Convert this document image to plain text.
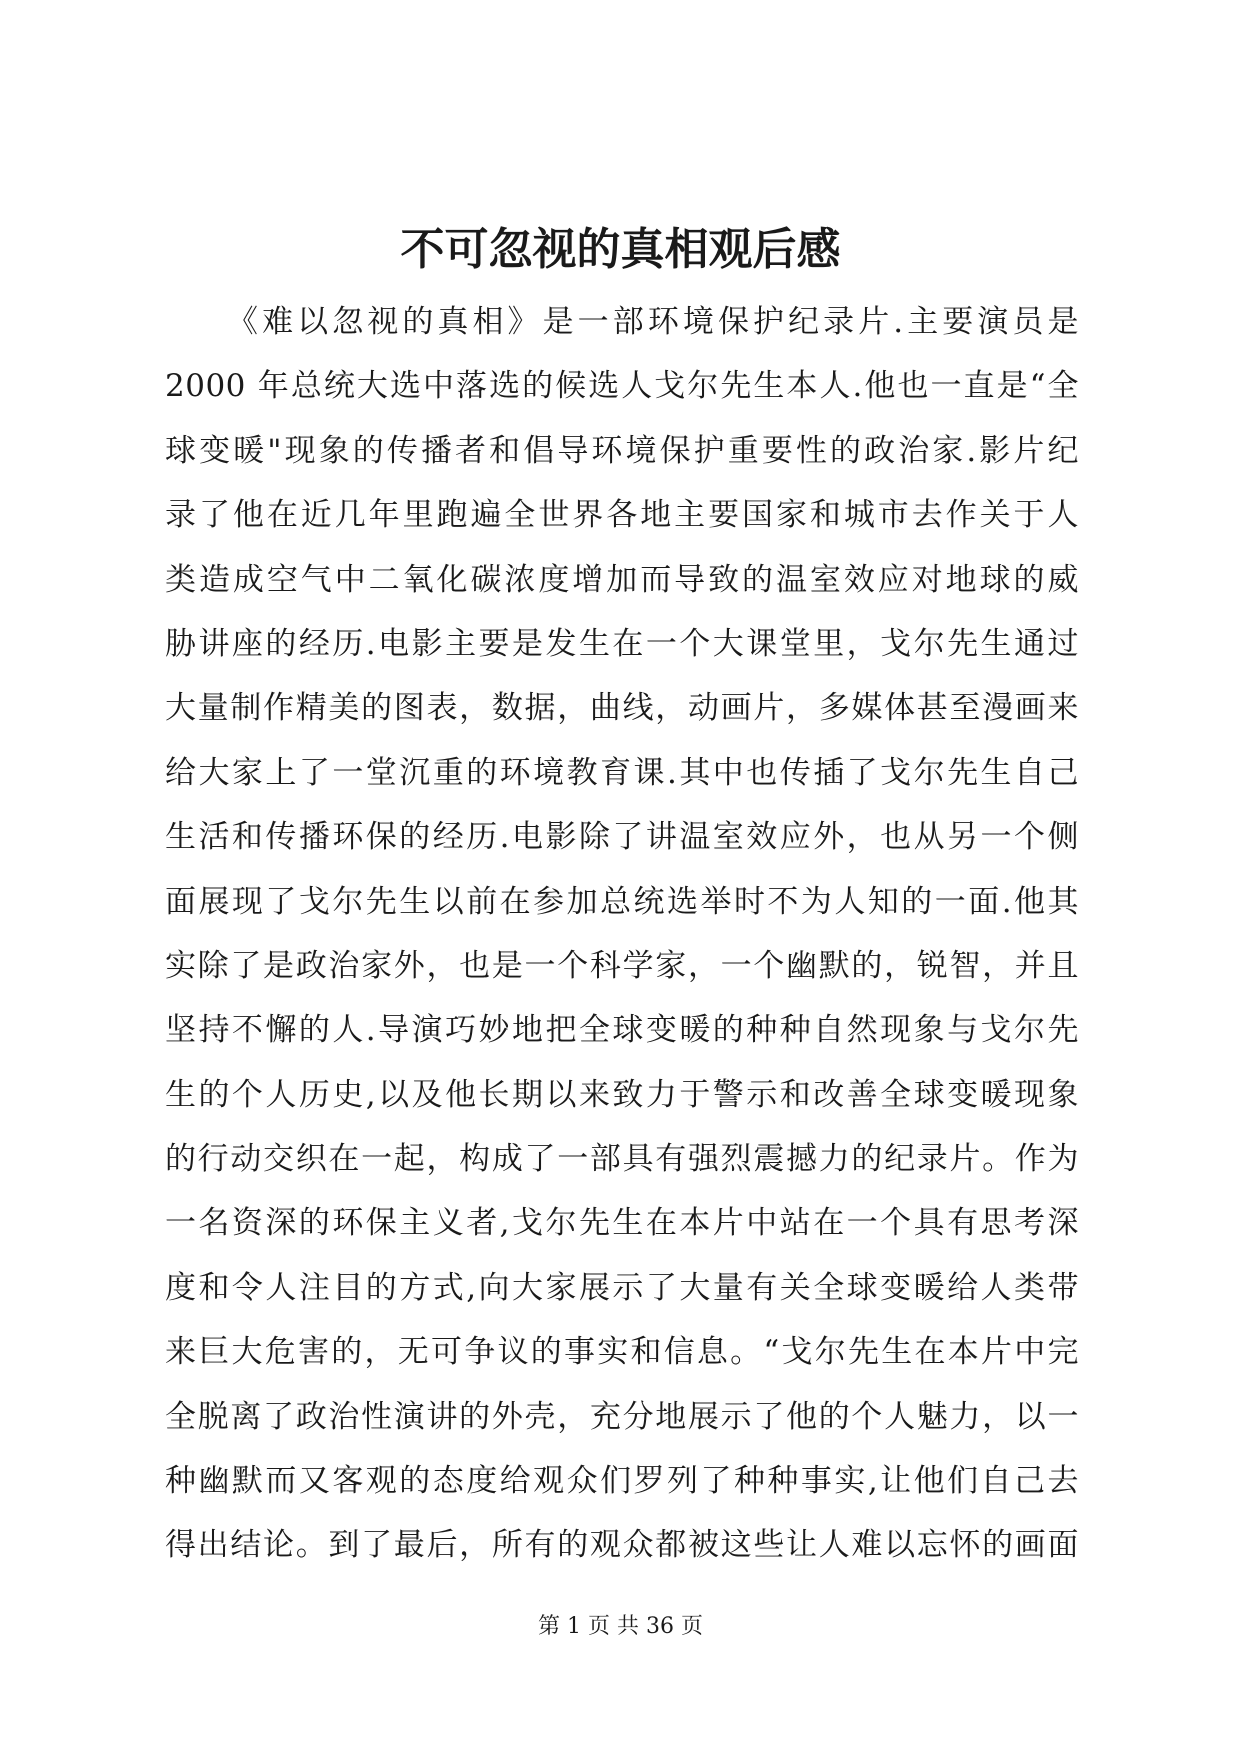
不可忽视的真相观后感
《难以忽视的真相》是一部环境保护纪录片.主要演员是
2000 年总统大选中落选的候选人戈尔先生本人.他也一直是“全
球变暖"现象的传播者和倡导环境保护重要性的政治家.影片纪
录了他在近几年里跑遍全世界各地主要国家和城市去作关于人
类造成空气中二氧化碳浓度增加而导致的温室效应对地球的威
胁讲座的经历.电影主要是发生在一个大课堂里，戈尔先生通过
大量制作精美的图表，数据，曲线，动画片，多媒体甚至漫画来
给大家上了一堂沉重的环境教育课.其中也传插了戈尔先生自己
生活和传播环保的经历.电影除了讲温室效应外，也从另一个侧
面展现了戈尔先生以前在参加总统选举时不为人知的一面.他其
实除了是政治家外，也是一个科学家，一个幽默的，锐智，并且
坚持不懈的人.导演巧妙地把全球变暖的种种自然现象与戈尔先
生的个人历史,以及他长期以来致力于警示和改善全球变暖现象
的行动交织在一起，构成了一部具有强烈震撼力的纪录片。作为
一名资深的环保主义者,戈尔先生在本片中站在一个具有思考深
度和令人注目的方式,向大家展示了大量有关全球变暖给人类带
来巨大危害的，无可争议的事实和信息。“戈尔先生在本片中完
全脱离了政治性演讲的外壳，充分地展示了他的个人魅力，以一
种幽默而又客观的态度给观众们罗列了种种事实,让他们自己去
得出结论。到了最后，所有的观众都被这些让人难以忘怀的画面
第 1 页 共 36 页
